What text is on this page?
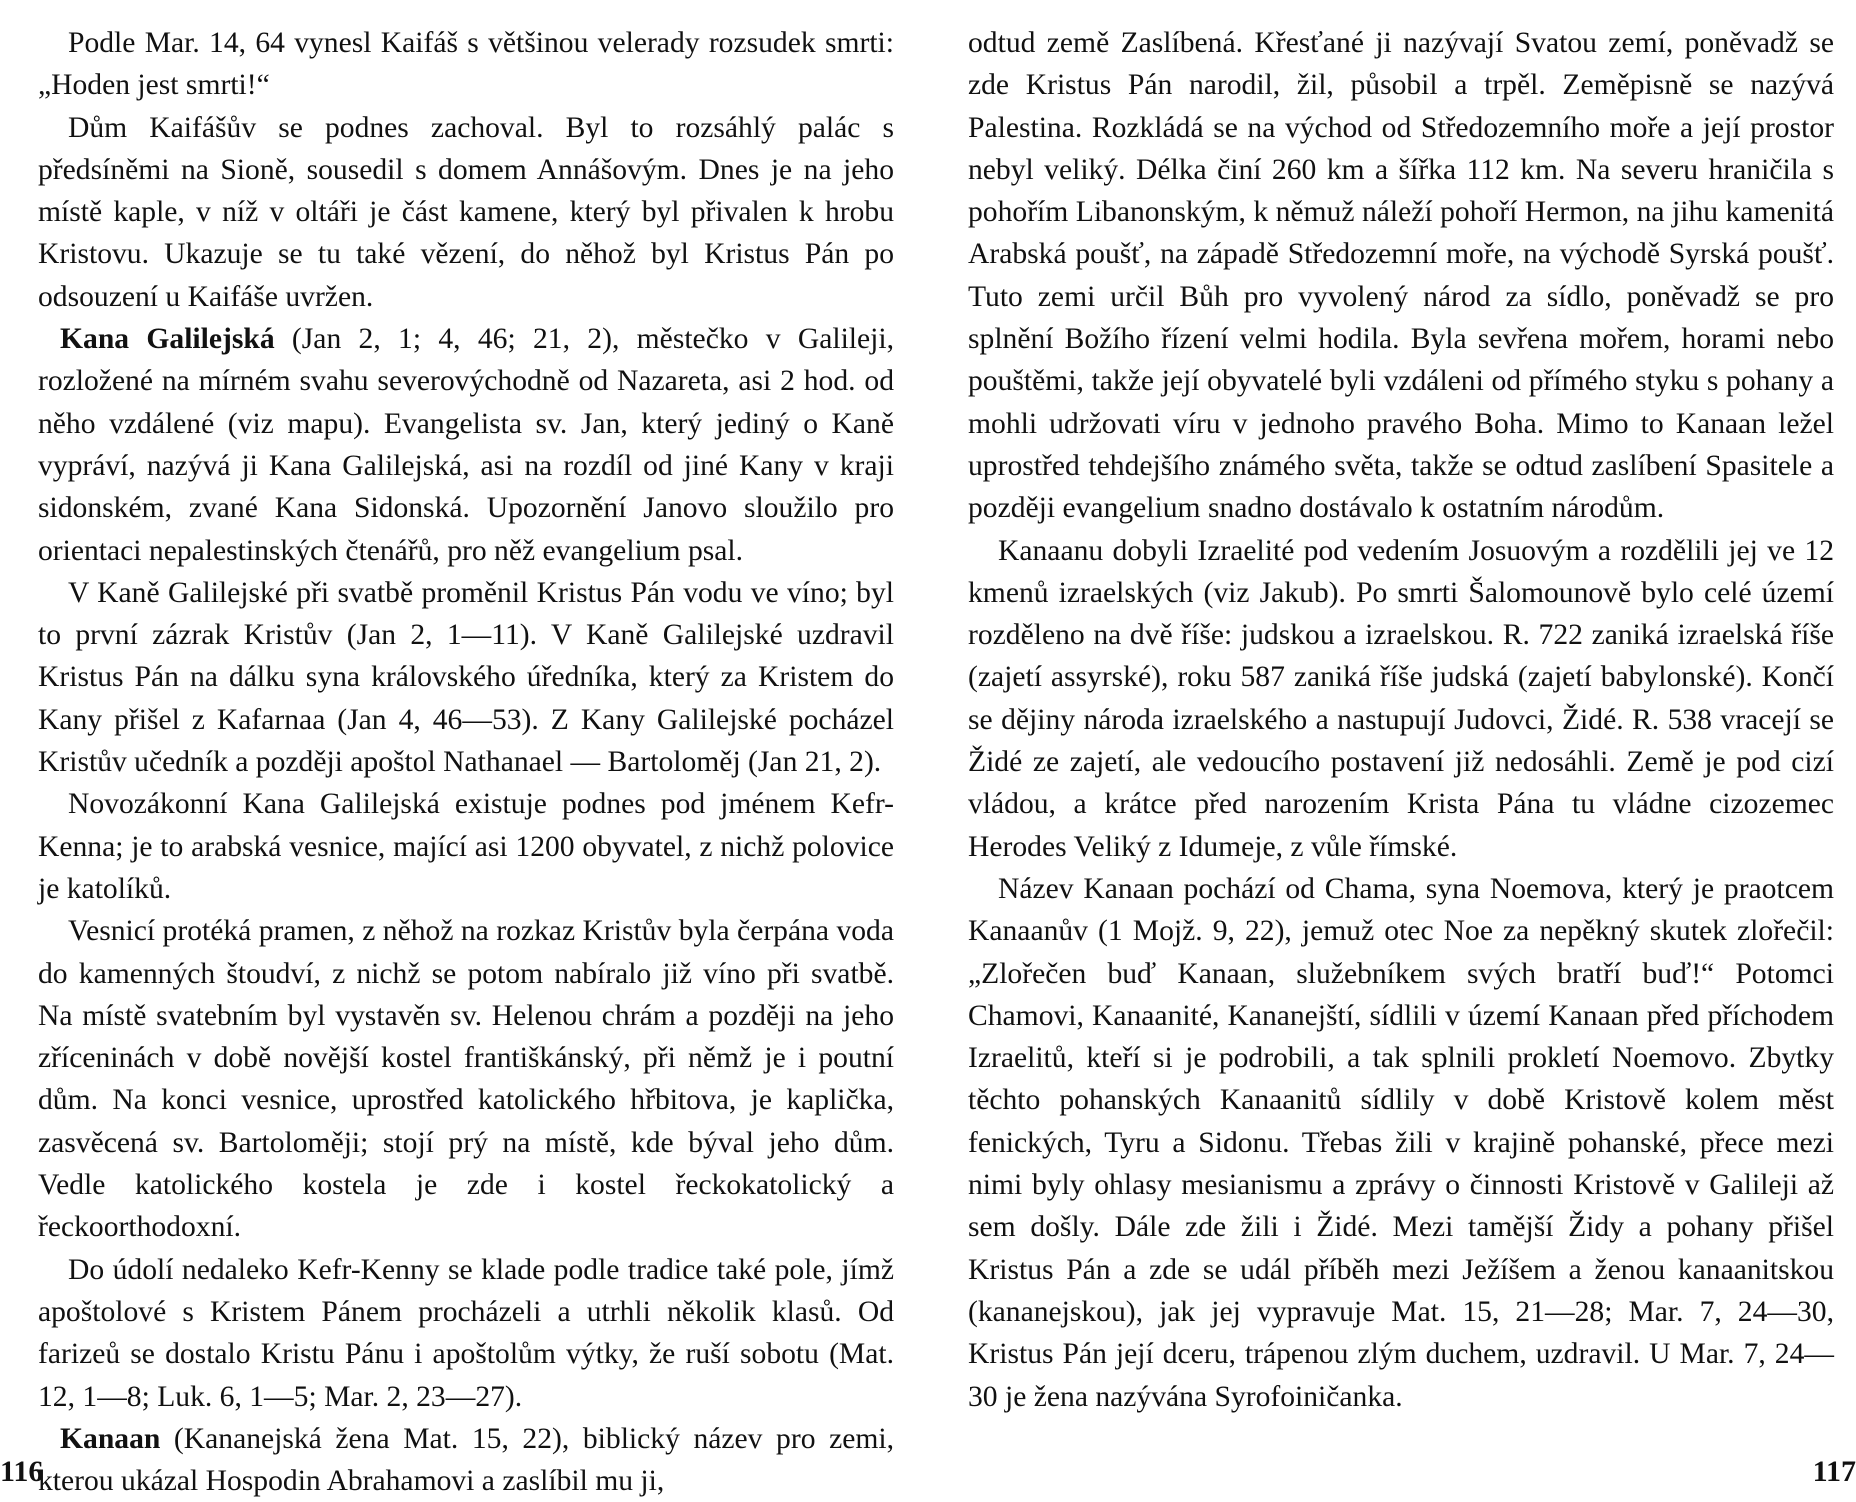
Podle Mar. 14, 64 vynesl Kaifáš s většinou velerady rozsudek smrti: „Hoden jest smrti!“

Dům Kaifášův se podnes zachoval. Byl to rozsáhlý palác s předsíněmi na Sioně, sousedil s domem Annášovým. Dnes je na jeho místě kaple, v níž v oltáři je část kamene, který byl přivalen k hrobu Kristovu. Ukazuje se tu také vězení, do něhož byl Kristus Pán po odsouzení u Kaifáše uvržen.

Kana Galilejská (Jan 2, 1; 4, 46; 21, 2), městečko v Galileji, rozložené na mírném svahu severovýchodně od Nazareta, asi 2 hod. od něho vzdálené (viz mapu). Evangelista sv. Jan, který jediný o Kaně vypráví, nazývá ji Kana Galilejská, asi na rozdíl od jiné Kany v kraji sidonském, zvané Kana Sidonská. Upozornění Janovo sloužilo pro orientaci nepalestinských čtenářů, pro něž evangelium psal.

V Kaně Galilejské při svatbě proměnil Kristus Pán vodu ve víno; byl to první zázrak Kristův (Jan 2, 1—11). V Kaně Galilejské uzdravil Kristus Pán na dálku syna královského úředníka, který za Kristem do Kany přišel z Kafarnaa (Jan 4, 46—53). Z Kany Galilejské pocházel Kristův učedník a později apoštol Nathanael — Bartoloměj (Jan 21, 2).

Novozákonní Kana Galilejská existuje podnes pod jménem Kefr-Kenna; je to arabská vesnice, mající asi 1200 obyvatel, z nichž polovice je katolíků.

Vesnicí protéká pramen, z něhož na rozkaz Kristův byla čerpána voda do kamenných štoudví, z nichž se potom nabíralo již víno při svatbě. Na místě svatebním byl vystavěn sv. Helenou chrám a později na jeho zříceninách v době novější kostel františkánský, při němž je i poutní dům. Na konci vesnice, uprostřed katolického hřbitova, je kaplička, zasvěcená sv. Bartoloměji; stojí prý na místě, kde býval jeho dům. Vedle katolického kostela je zde i kostel řeckokatolický a řeckoorthodoxní.

Do údolí nedaleko Kefr-Kenny se klade podle tradice také pole, jímž apoštolové s Kristem Pánem procházeli a utrhli několik klasů. Od farizeů se dostalo Kristu Pánu i apoštolům výtky, že ruší sobotu (Mat. 12, 1—8; Luk. 6, 1—5; Mar. 2, 23—27).

Kanaan (Kananejská žena Mat. 15, 22), biblický název pro zemi, kterou ukázal Hospodin Abrahamovi a zaslíbil mu ji,

116

odtud země Zaslíbená. Křesťané ji nazývají Svatou zemí, poněvadž se zde Kristus Pán narodil, žil, působil a trpěl. Zeměpisně se nazývá Palestina. Rozkládá se na východ od Středozemního moře a její prostor nebyl veliký. Délka činí 260 km a šířka 112 km. Na severu hraničila s pohořím Libanonským, k němuž náleží pohoří Hermon, na jihu kamenitá Arabská poušť, na západě Středozemní moře, na východě Syrská poušť. Tuto zemi určil Bůh pro vyvolený národ za sídlo, poněvadž se pro splnění Božího řízení velmi hodila. Byla sevřena mořem, horami nebo pouštěmi, takže její obyvatelé byli vzdáleni od přímého styku s pohany a mohli udržovati víru v jednoho pravého Boha. Mimo to Kanaan ležel uprostřed tehdejšího známého světa, takže se odtud zaslíbení Spasitele a později evangelium snadno dostávalo k ostatním národům.

Kanaanu dobyli Izraelité pod vedením Josuovým a rozdělili jej ve 12 kmenů izraelských (viz Jakub). Po smrti Šalomounově bylo celé území rozděleno na dvě říše: judskou a izraelskou. R. 722 zaniká izraelská říše (zajetí assyrské), roku 587 zaniká říše judská (zajetí babylonské). Končí se dějiny národa izraelského a nastupují Judovci, Židé. R. 538 vracejí se Židé ze zajetí, ale vedoucího postavení již nedosáhli. Země je pod cizí vládou, a krátce před narozením Krista Pána tu vládne cizozemec Herodes Veliký z Idumeje, z vůle římské.

Název Kanaan pochází od Chama, syna Noemova, který je praotcem Kanaanův (1 Mojž. 9, 22), jemuž otec Noe za nepěkný skutek zlořečil: „Zlořečen buď Kanaan, služebníkem svých bratří buď!“ Potomci Chamovi, Kanaanité, Kananejští, sídlili v území Kanaan před příchodem Izraelitů, kteří si je podrobili, a tak splnili prokletí Noemovo. Zbytky těchto pohanských Kanaanitů sídlily v době Kristově kolem měst fenických, Tyru a Sidonu. Třebas žili v krajině pohanské, přece mezi nimi byly ohlasy mesianismu a zprávy o činnosti Kristově v Galileji až sem došly. Dále zde žili i Židé. Mezi tamější Židy a pohany přišel Kristus Pán a zde se udál příběh mezi Ježíšem a ženou kanaanitskou (kananejskou), jak jej vypravuje Mat. 15, 21—28; Mar. 7, 24—30, Kristus Pán její dceru, trápenou zlým duchem, uzdravil. U Mar. 7, 24—30 je žena nazývána Syrofoiničanka.

117
